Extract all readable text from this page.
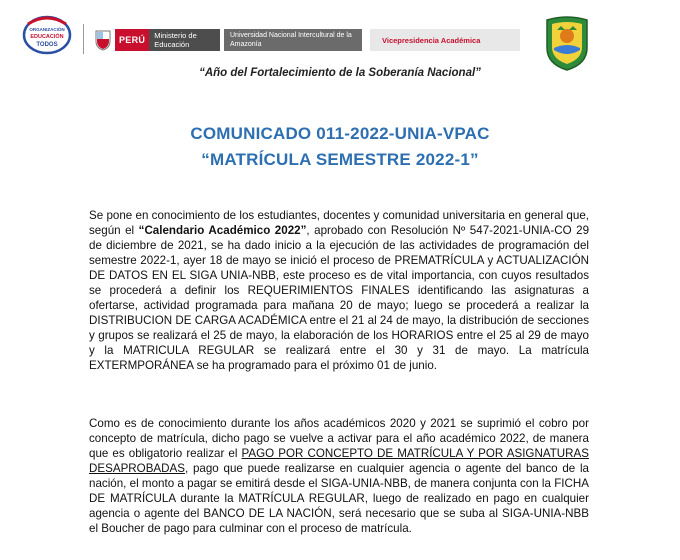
ORGANIZACIÓN
EDUCACIÓN
TODOS	PERÚ	Ministerio de Educación
Universidad Nacional Intercultural de la Amazonía	Vicepresidencia Académica
“Año del Fortalecimiento de la Soberanía Nacional”
COMUNICADO 011-2022-UNIA-VPAC
“MATRÍCULA SEMESTRE 2022-1”
Se pone en conocimiento de los estudiantes, docentes y comunidad universitaria en general que, según el “Calendario Académico 2022”, aprobado con Resolución Nº 547-2021-UNIA-CO 29 de diciembre de 2021, se ha dado inicio a la ejecución de las actividades de programación del semestre 2022-1, ayer 18 de mayo se inició el proceso de PREMATRÍCULA y ACTUALIZACIÓN DE DATOS EN EL SIGA UNIA-NBB, este proceso es de vital importancia, con cuyos resultados se procederá a definir los REQUERIMIENTOS FINALES identificando las asignaturas a ofertarse, actividad programada para mañana 20 de mayo; luego se procederá a realizar la DISTRIBUCION DE CARGA ACADÉMICA entre el 21 al 24 de mayo, la distribución de secciones y grupos se realizará el 25 de mayo, la elaboración de los HORARIOS entre el 25 al 29 de mayo y la MATRICULA REGULAR se realizará entre el 30 y 31 de mayo. La matrícula EXTERMPORÁNEA se ha programado para el próximo 01 de junio.
Como es de conocimiento durante los años académicos 2020 y 2021 se suprimió el cobro por concepto de matrícula, dicho pago se vuelve a activar para el año académico 2022, de manera que es obligatorio realizar el PAGO POR CONCEPTO DE MATRÍCULA Y POR ASIGNATURAS DESAPROBADAS, pago que puede realizarse en cualquier agencia o agente del banco de la nación, el monto a pagar se emitirá desde el SIGA-UNIA-NBB, de manera conjunta con la FICHA DE MATRÍCULA durante la MATRÍCULA REGULAR, luego de realizado en pago en cualquier agencia o agente del BANCO DE LA NACIÓN, será necesario que se suba al SIGA-UNIA-NBB el Boucher de pago para culminar con el proceso de matrícula.
